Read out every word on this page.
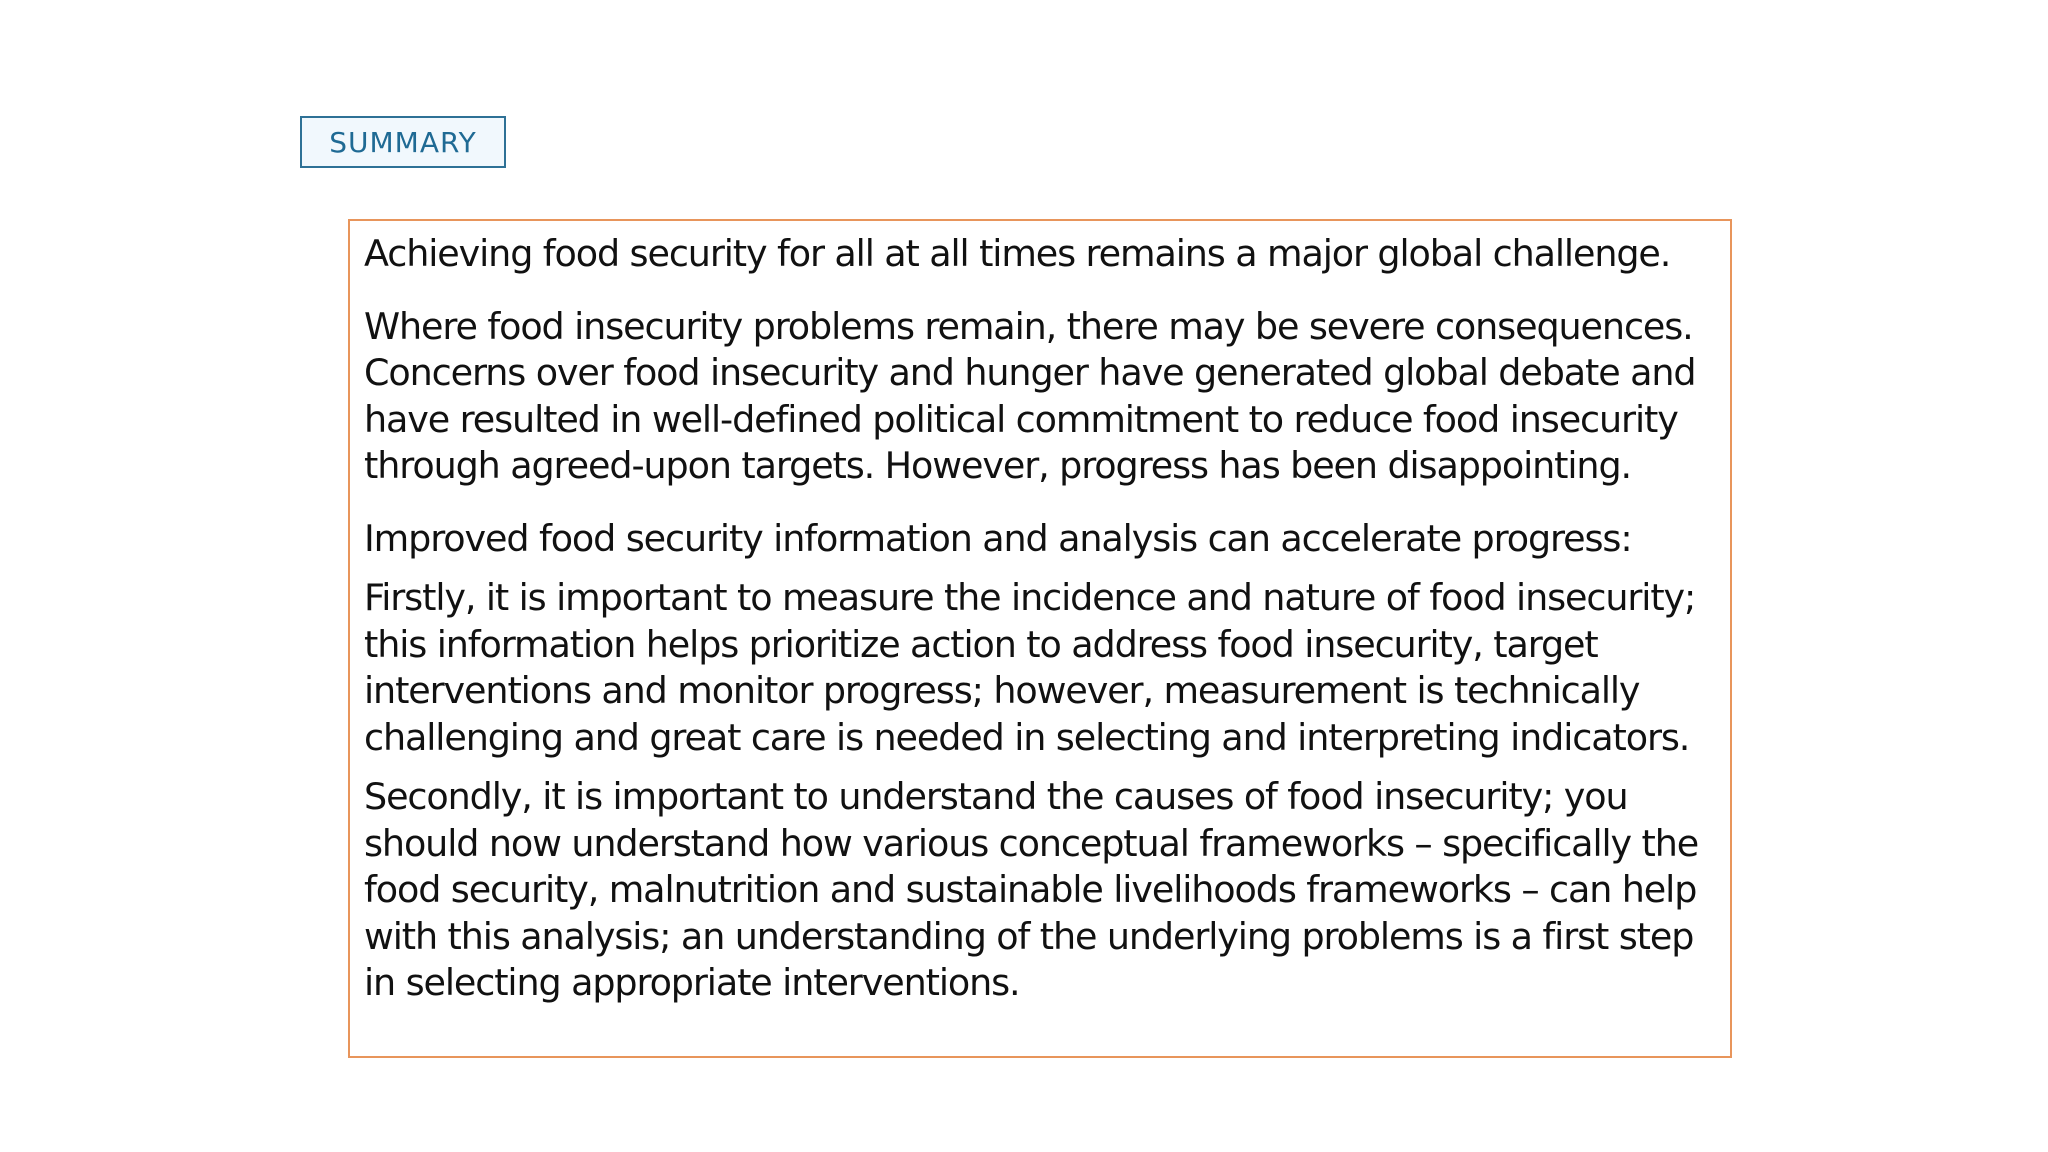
SUMMARY

Achieving food security for all at all times remains a major global challenge.

Where food insecurity problems remain, there may be severe consequences.
Concerns over food insecurity and hunger have generated global debate and
have resulted in well-defined political commitment to reduce food insecurity
through agreed-upon targets. However, progress has been disappointing.

Improved food security information and analysis can accelerate progress:

Firstly, it is important to measure the incidence and nature of food insecurity;
this information helps prioritize action to address food insecurity, target
interventions and monitor progress; however, measurement is technically
challenging and great care is needed in selecting and interpreting indicators.

Secondly, it is important to understand the causes of food insecurity; you
should now understand how various conceptual frameworks – specifically the
food security, malnutrition and sustainable livelihoods frameworks – can help
with this analysis; an understanding of the underlying problems is a first step
in selecting appropriate interventions.
